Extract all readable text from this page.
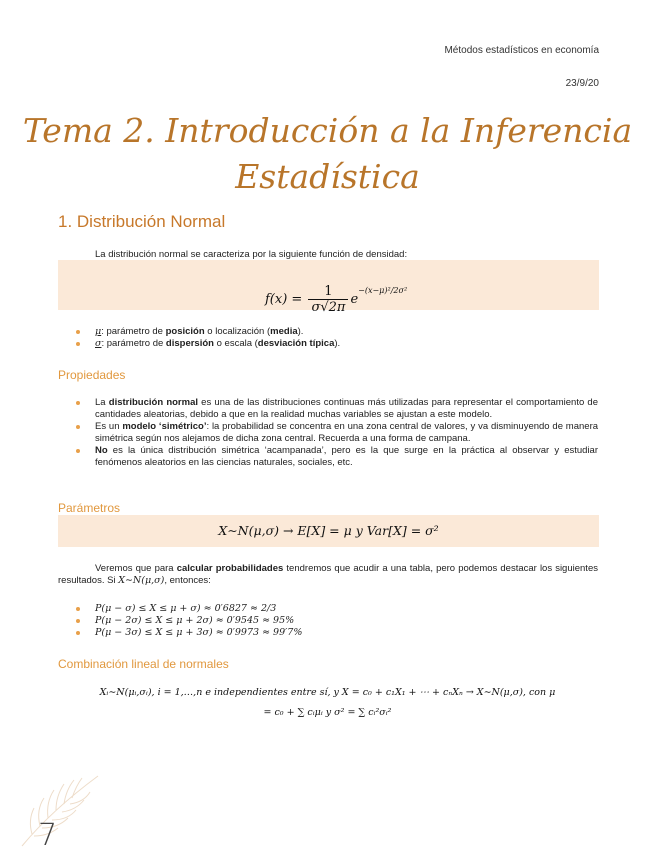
Métodos estadísticos en economía
23/9/20
Tema 2. Introducción a la Inferencia
Estadística
1. Distribución Normal

La distribución normal se caracteriza por la siguiente función de densidad:

$f(x) = \frac{1}{\sigma√2\pi} e^{-(x-\mu)^2/2\sigma^2}$
μ: parámetro de posición o localización (media).
σ: parámetro de dispersión o escala (desviación típica).
Propiedades
La distribución normal es una de las distribuciones continuas más utilizadas para representar el comportamiento de cantidades aleatorias, debido a que en la realidad muchas variables se ajustan a este modelo.
Es un modelo ‘simétrico’: la probabilidad se concentra en una zona central de valores, y va disminuyendo de manera simétrica según nos alejamos de dicha zona central. Recuerda a una forma de campana.
No es la única distribución simétrica ‘acampanada’, pero es la que surge en la práctica al observar y estudiar fenómenos aleatorios en las ciencias naturales, sociales, etc.
Parámetros
X∼N(μ,σ) → E[X] = μ y Var[X] = σ²

Veremos que para calcular probabilidades tendremos que acudir a una tabla, pero podemos destacar los siguientes resultados. Si X∼N(μ,σ), entonces:

P(μ − σ) ≤ X ≤ μ + σ) ≈ 0′6827 ≈ 2/3
P(μ − 2σ) ≤ X ≤ μ + 2σ) ≈ 0′9545 ≈ 95%
P(μ − 3σ) ≤ X ≤ μ + 3σ) ≈ 0′9973 ≈ 99′7%
Combinación lineal de normales
Xᵢ∼N(μᵢ,σᵢ), i = 1,…,n e independientes entre sí, y X = c₀ + c₁X₁ + ⋯ + cₙXₙ → X∼N(μ,σ), con μ
= c₀ + ∑ cᵢμᵢ y σ² = ∑ cᵢ²σᵢ²
7
